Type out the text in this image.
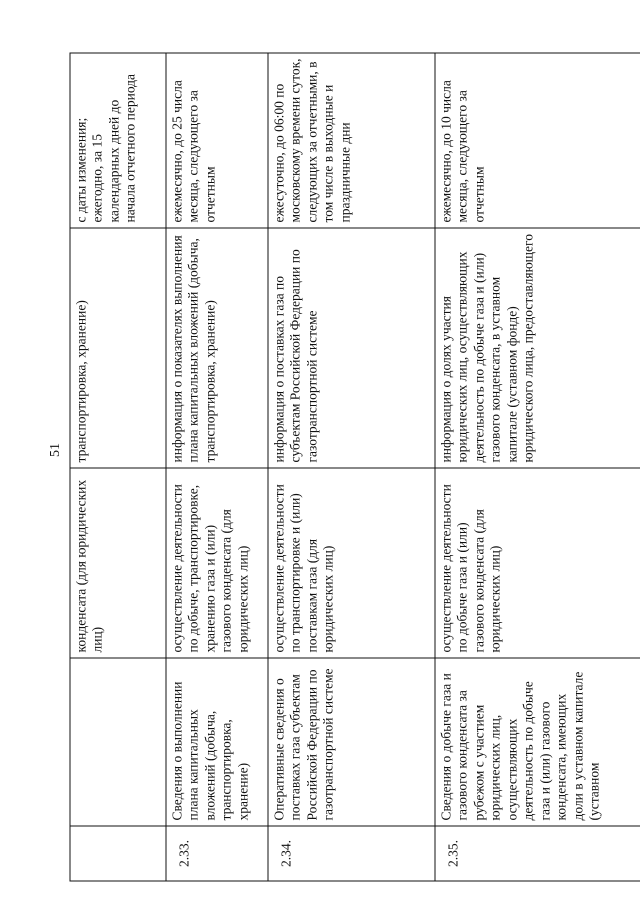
51
		конденсата (для юридических лиц)	транспортировка, хранение)	с даты изменения; ежегодно, за 15 календарных дней до начала отчетного периода
2.33.	Сведения о выполнении плана капитальных вложений (добыча, транспортировка, хранение)	осуществление деятельности по добыче, транспортировке, хранению газа и (или) газового конденсата (для юридических лиц)	информация о показателях выполнения плана капитальных вложений (добыча, транспортировка, хранение)	ежемесячно, до 25 числа месяца, следующего за отчетным
2.34.	Оперативные сведения о поставках газа субъектам Российской Федерации по газотранспортной системе	осуществление деятельности по транспортировке и (или) поставкам газа (для юридических лиц)	информация о поставках газа по субъектам Российской Федерации по газотранспортной системе	ежесуточно, до 06:00 по московскому времени суток, следующих за отчетными, в том числе в выходные и праздничные дни
2.35.	Сведения о добыче газа и газового конденсата за рубежом с участием юридических лиц, осуществляющих деятельность по добыче газа и (или) газового конденсата, имеющих доли в уставном капитале (уставном	осуществление деятельности по добыче газа и (или) газового конденсата (для юридических лиц)	информация о долях участия юридических лиц, осуществляющих деятельность по добыче газа и (или) газового конденсата, в уставном капитале (уставном фонде) юридического лица, предоставляющего	ежемесячно, до 10 числа месяца, следующего за отчетным
